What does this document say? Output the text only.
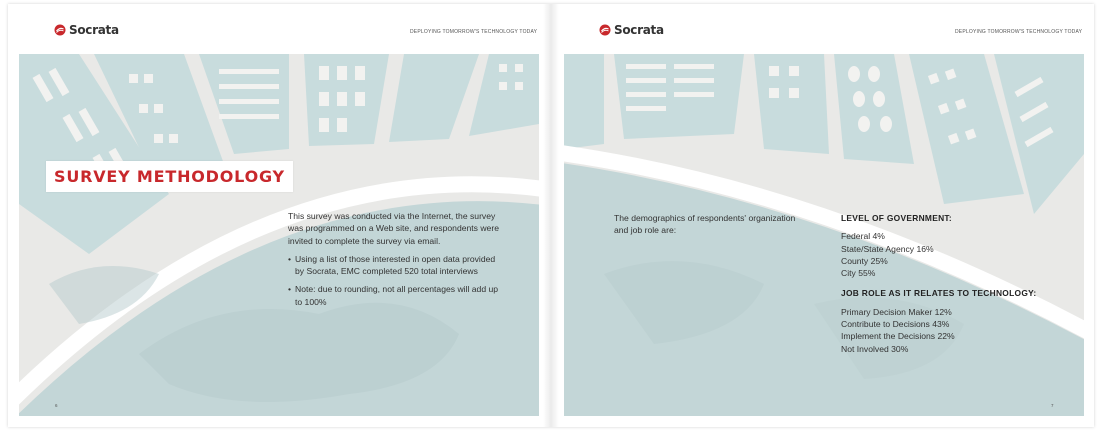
Socrata	DEPLOYING TOMORROW'S TECHNOLOGY TODAY
SURVEY METHODOLOGY
This survey was conducted via the Internet, the survey was programmed on a Web site, and respondents were invited to complete the survey via email.
• Using a list of those interested in open data provided by Socrata, EMC completed 520 total interviews
• Note: due to rounding, not all percentages will add up to 100%
6
Socrata	DEPLOYING TOMORROW'S TECHNOLOGY TODAY
The demographics of respondents' organization and job role are:
LEVEL OF GOVERNMENT:
Federal 4%
State/State Agency 16%
County 25%
City 55%
JOB ROLE AS IT RELATES TO TECHNOLOGY:
Primary Decision Maker 12%
Contribute to Decisions 43%
Implement the Decisions 22%
Not Involved 30%
7
